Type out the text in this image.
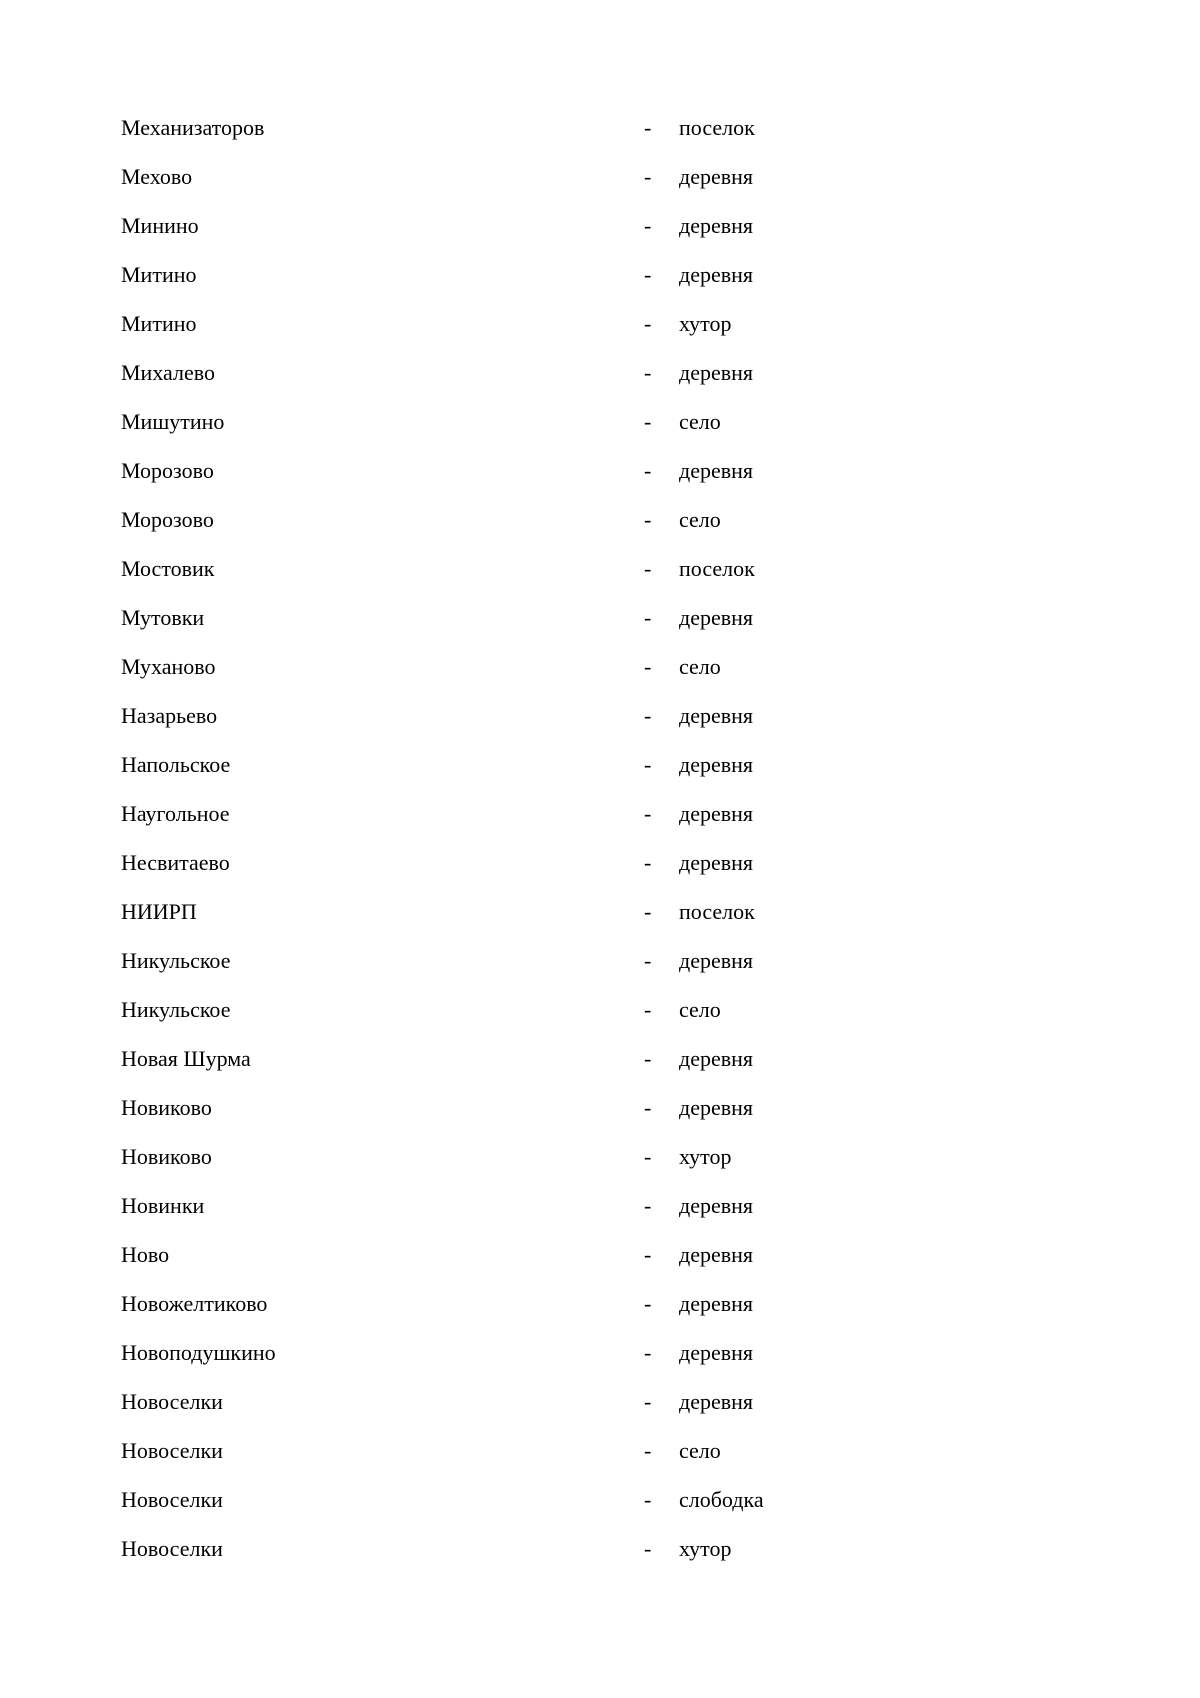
Механизаторов	- поселок
Мехово	- деревня
Минино	- деревня
Митино	- деревня
Митино	- хутор
Михалево	- деревня
Мишутино	- село
Морозово	- деревня
Морозово	- село
Мостовик	- поселок
Мутовки	- деревня
Муханово	- село
Назарьево	- деревня
Напольское	- деревня
Наугольное	- деревня
Несвитаево	- деревня
НИИРП	- поселок
Никульское	- деревня
Никульское	- село
Новая Шурма	- деревня
Новиково	- деревня
Новиково	- хутор
Новинки	- деревня
Ново	- деревня
Новожелтиково	- деревня
Новоподушкино	- деревня
Новоселки	- деревня
Новоселки	- село
Новоселки	- слободка
Новоселки	- хутор
